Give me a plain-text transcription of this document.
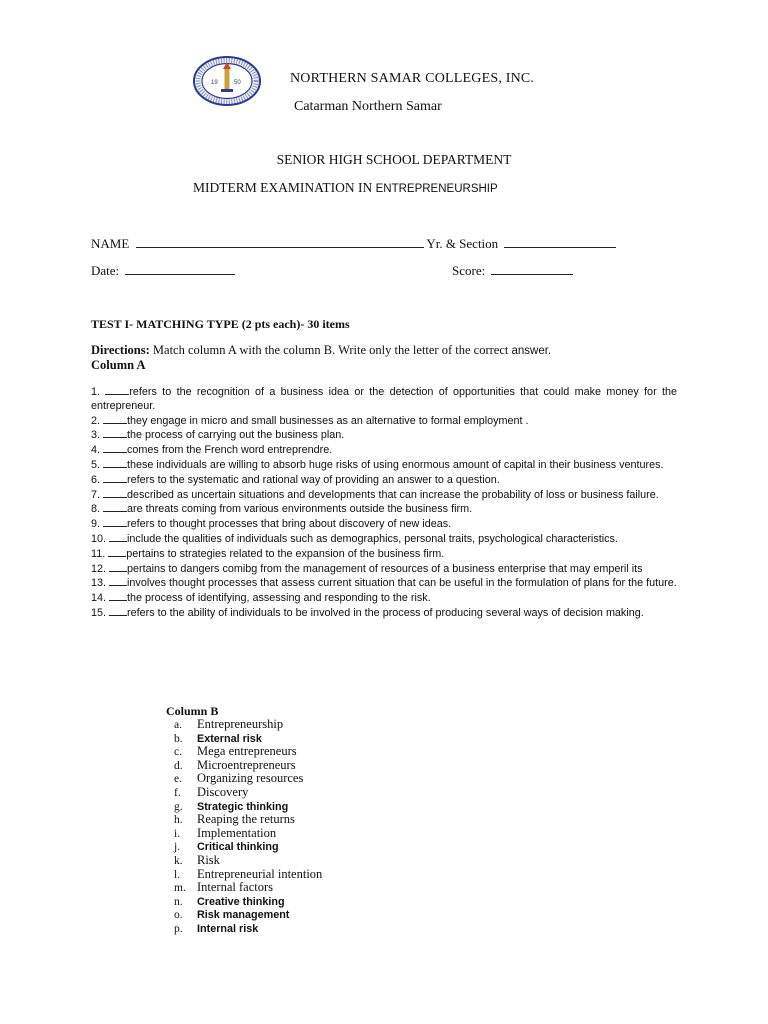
19	50	NORTHERN SAMAR COLLEGES, INC.
Catarman Northern Samar
SENIOR HIGH SCHOOL DEPARTMENT
MIDTERM EXAMINATION IN ENTREPRENEURSHIP
NAME	Yr. & Section
Date:	Score:
TEST I- MATCHING TYPE (2 pts each)- 30 items
Directions: Match column A with the column B. Write only the letter of the correct answer.
Column A
1. refers to the recognition of a business idea or the detection of opportunities that could make money for the entrepreneur.
2. they engage in micro and small businesses as an alternative to formal employment .
3. the process of carrying out the business plan.
4. comes from the French word entreprendre.
5. these individuals are willing to absorb huge risks of using enormous amount of capital in their business ventures.
6. refers to the systematic and rational way of providing an answer to a question.
7. described as uncertain situations and developments that can increase the probability of loss or business failure.
8. are threats coming from various environments outside the business firm.
9. refers to thought processes that bring about discovery of new ideas.
10. include the qualities of individuals such as demographics, personal traits, psychological characteristics.
11. pertains to strategies related to the expansion of the business firm.
12. pertains to dangers comibg from the management of resources of a business enterprise that may emperil its
13. involves thought processes that assess current situation that can be useful in the formulation of plans for the future.
14. the process of identifying, assessing and responding to the risk.
15. refers to the ability of individuals to be involved in the process of producing several ways of decision making.
Column B
a. Entrepreneurship
b. External risk
c. Mega entrepreneurs
d. Microentrepreneurs
e. Organizing resources
f. Discovery
g. Strategic thinking
h. Reaping the returns
i. Implementation
j. Critical thinking
k. Risk
l. Entrepreneurial intention
m. Internal factors
n. Creative thinking
o. Risk management
p. Internal risk
